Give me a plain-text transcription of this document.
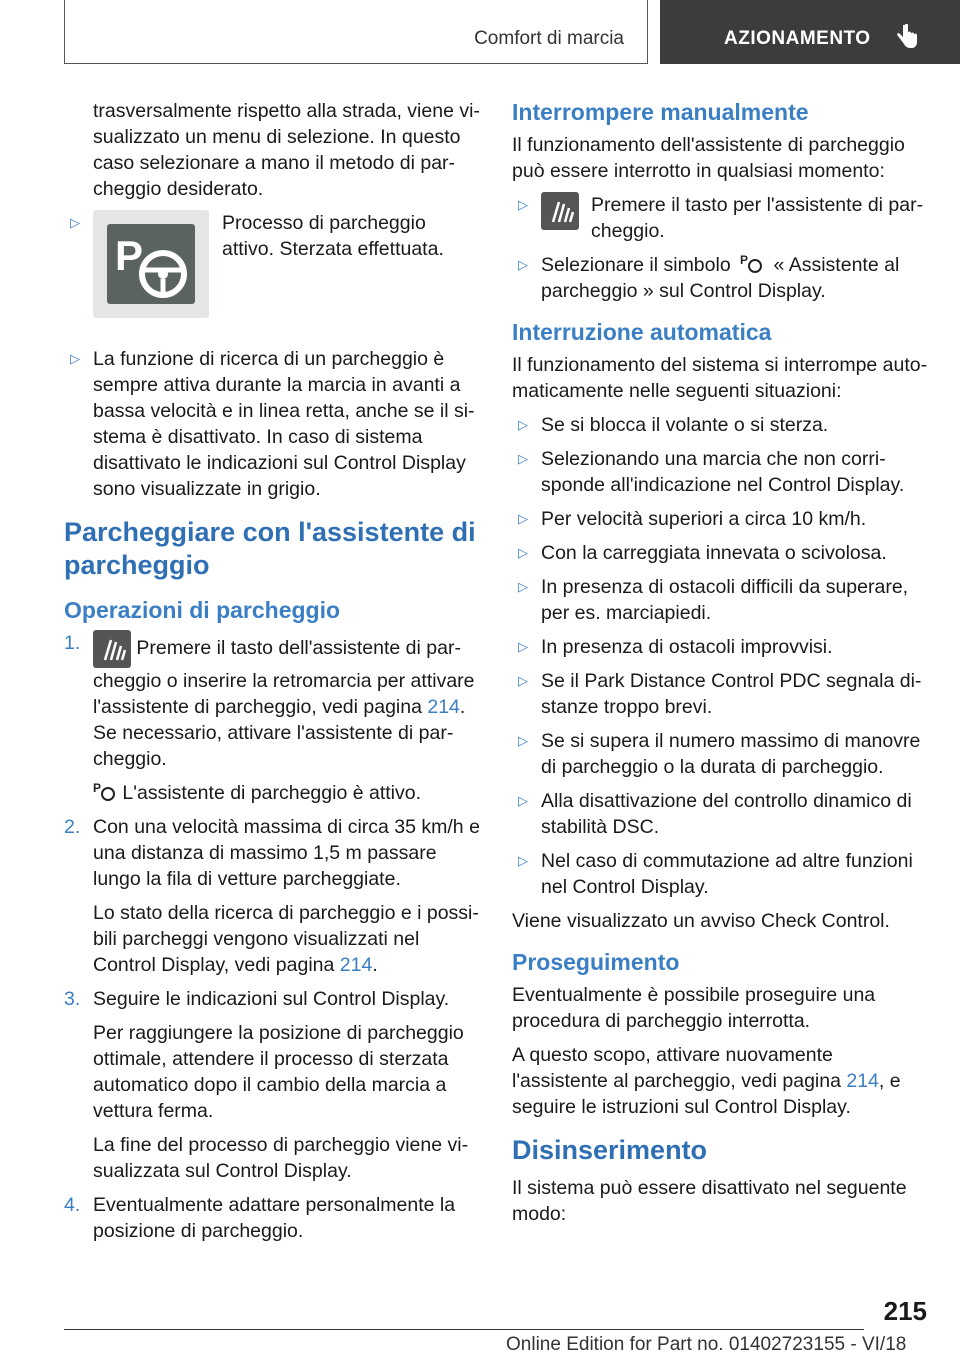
Comfort di marcia	AZIONAMENTO

trasversalmente rispetto alla strada, viene visualizzato un menu di selezione. In questo caso selezionare a mano il metodo di parcheggio desiderato.

▷
P
Processo di parcheggio attivo. Sterzata effettuata.
▷ La funzione di ricerca di un parcheggio è sempre attiva durante la marcia in avanti a bassa velocità e in linea retta, anche se il sistema è disattivato. In caso di sistema disattivato le indicazioni sul Control Display sono visualizzate in grigio.
Parcheggiare con l'assistente di parcheggio
Operazioni di parcheggio
1.	Premere il tasto dell'assistente di parcheggio o inserire la retromarcia per attivare l'assistente di parcheggio, vedi pagina 214. Se necessario, attivare l'assistente di parcheggio.
P L'assistente di parcheggio è attivo.
2. Con una velocità massima di circa 35 km/h e una distanza di massimo 1,5 m passare lungo la fila di vetture parcheggiate.
Lo stato della ricerca di parcheggio e i possibili parcheggi vengono visualizzati nel Control Display, vedi pagina 214.
3. Seguire le indicazioni sul Control Display.
Per raggiungere la posizione di parcheggio ottimale, attendere il processo di sterzata automatico dopo il cambio della marcia a vettura ferma.
La fine del processo di parcheggio viene visualizzata sul Control Display.
4. Eventualmente adattare personalmente la posizione di parcheggio.
Interrompere manualmente

Il funzionamento dell'assistente di parcheggio può essere interrotto in qualsiasi momento:

▷	Premere il tasto per l'assistente di parcheggio.
▷ Selezionare il simbolo P « Assistente al parcheggio » sul Control Display.
Interruzione automatica

Il funzionamento del sistema si interrompe automaticamente nelle seguenti situazioni:

▷ Se si blocca il volante o si sterza.
▷ Selezionando una marcia che non corrisponde all'indicazione nel Control Display.
▷ Per velocità superiori a circa 10 km/h.
▷ Con la carreggiata innevata o scivolosa.
▷ In presenza di ostacoli difficili da superare, per es. marciapiedi.
▷ In presenza di ostacoli improvvisi.
▷ Se il Park Distance Control PDC segnala distanze troppo brevi.
▷ Se si supera il numero massimo di manovre di parcheggio o la durata di parcheggio.
▷ Alla disattivazione del controllo dinamico di stabilità DSC.
▷ Nel caso di commutazione ad altre funzioni nel Control Display.

Viene visualizzato un avviso Check Control.

Proseguimento

Eventualmente è possibile proseguire una procedura di parcheggio interrotta.

A questo scopo, attivare nuovamente l'assistente al parcheggio, vedi pagina 214, e seguire le istruzioni sul Control Display.

Disinserimento

Il sistema può essere disattivato nel seguente modo:

215
Online Edition for Part no. 01402723155 - VI/18
